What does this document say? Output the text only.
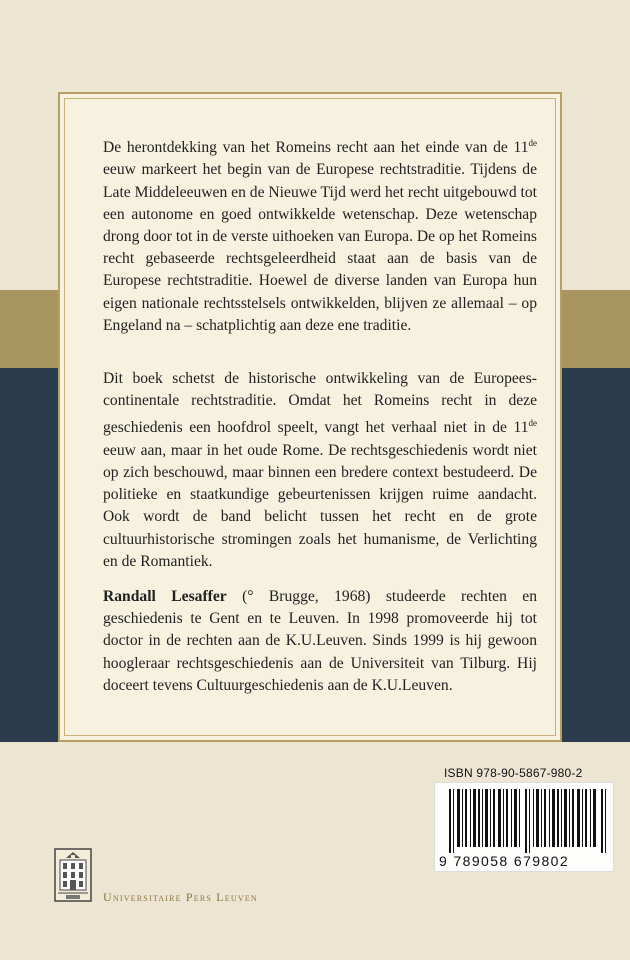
De herontdekking van het Romeins recht aan het einde van de 11de eeuw markeert het begin van de Europese rechtstraditie. Tijdens de Late Middeleeuwen en de Nieuwe Tijd werd het recht uitgebouwd tot een autonome en goed ontwikkelde wetenschap. Deze wetenschap drong door tot in de verste uithoeken van Europa. De op het Romeins recht gebaseerde rechtsgeleerdheid staat aan de basis van de Europese rechtstraditie. Hoewel de diverse landen van Europa hun eigen nationale rechtsstelsels ontwikkelden, blijven ze allemaal – op Engeland na – schatplichtig aan deze ene traditie.

Dit boek schetst de historische ontwikkeling van de Europees-continentale rechtstraditie. Omdat het Romeins recht in deze geschiedenis een hoofdrol speelt, vangt het verhaal niet in de 11de eeuw aan, maar in het oude Rome. De rechtsgeschiedenis wordt niet op zich beschouwd, maar binnen een bredere context bestudeerd. De politieke en staatkundige gebeurtenissen krijgen ruime aandacht. Ook wordt de band belicht tussen het recht en de grote cultuurhistorische stromingen zoals het humanisme, de Verlichting en de Romantiek.

Randall Lesaffer (° Brugge, 1968) studeerde rechten en geschiedenis te Gent en te Leuven. In 1998 promoveerde hij tot doctor in de rechten aan de K.U.Leuven. Sinds 1999 is hij gewoon hoogleraar rechtsgeschiedenis aan de Universiteit van Tilburg. Hij doceert tevens Cultuurgeschiedenis aan de K.U.Leuven.

ISBN 978-90-5867-980-2
9 789058 679802
Universitaire Pers Leuven
